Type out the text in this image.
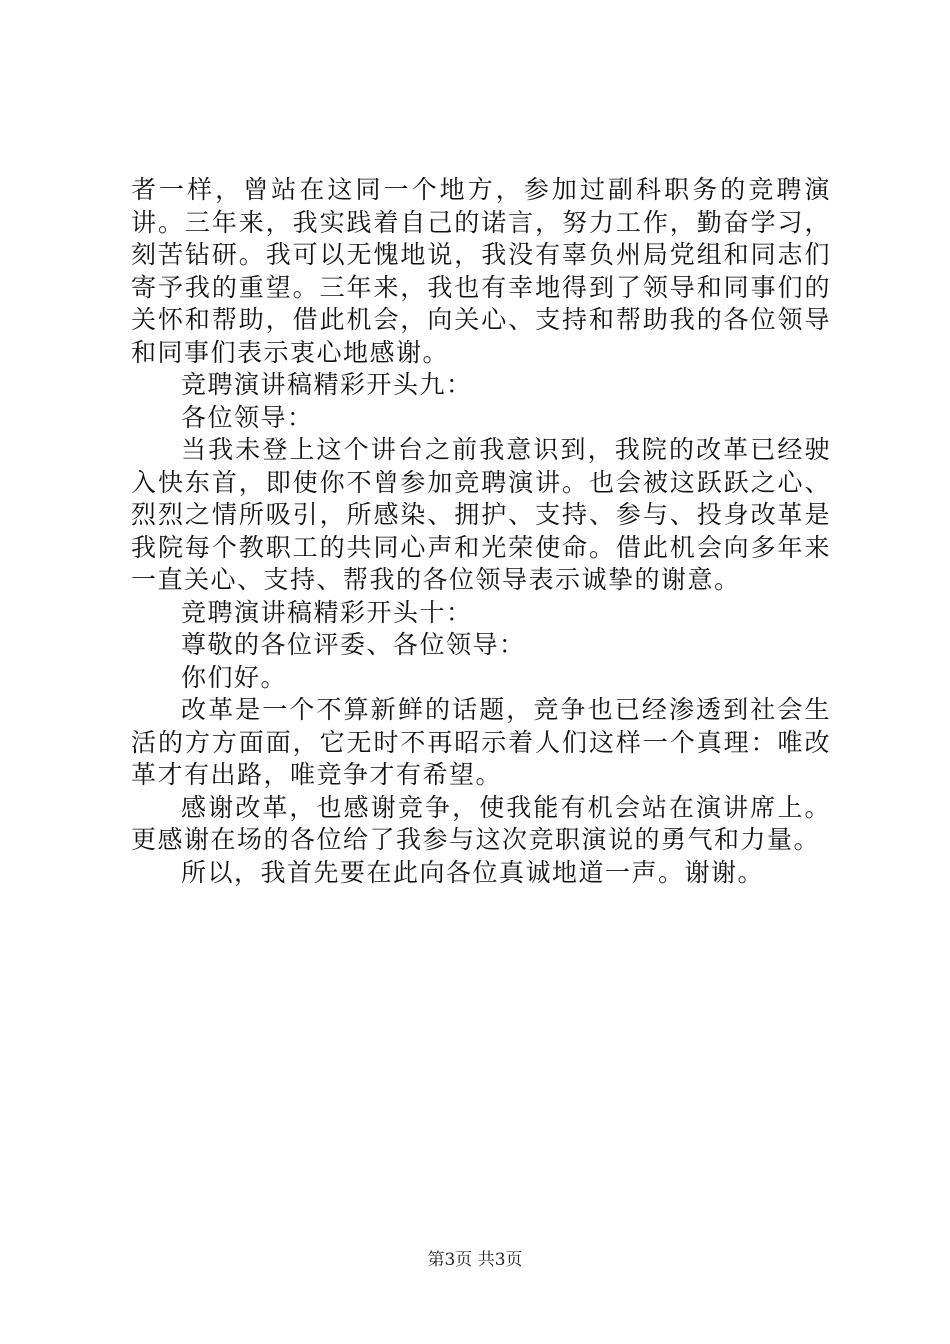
者一样，曾站在这同一个地方，参加过副科职务的竞聘演讲。三年来，我实践着自己的诺言，努力工作，勤奋学习，刻苦钻研。我可以无愧地说，我没有辜负州局党组和同志们寄予我的重望。三年来，我也有幸地得到了领导和同事们的关怀和帮助，借此机会，向关心、支持和帮助我的各位领导和同事们表示衷心地感谢。

竞聘演讲稿精彩开头九：

各位领导：

当我未登上这个讲台之前我意识到，我院的改革已经驶入快东首，即使你不曾参加竞聘演讲。也会被这跃跃之心、烈烈之情所吸引，所感染、拥护、支持、参与、投身改革是我院每个教职工的共同心声和光荣使命。借此机会向多年来一直关心、支持、帮我的各位领导表示诚挚的谢意。

竞聘演讲稿精彩开头十：

尊敬的各位评委、各位领导：

你们好。

改革是一个不算新鲜的话题，竞争也已经渗透到社会生活的方方面面，它无时不再昭示着人们这样一个真理：唯改革才有出路，唯竞争才有希望。

感谢改革，也感谢竞争，使我能有机会站在演讲席上。更感谢在场的各位给了我参与这次竞职演说的勇气和力量。

所以，我首先要在此向各位真诚地道一声。谢谢。

第3页 共3页
